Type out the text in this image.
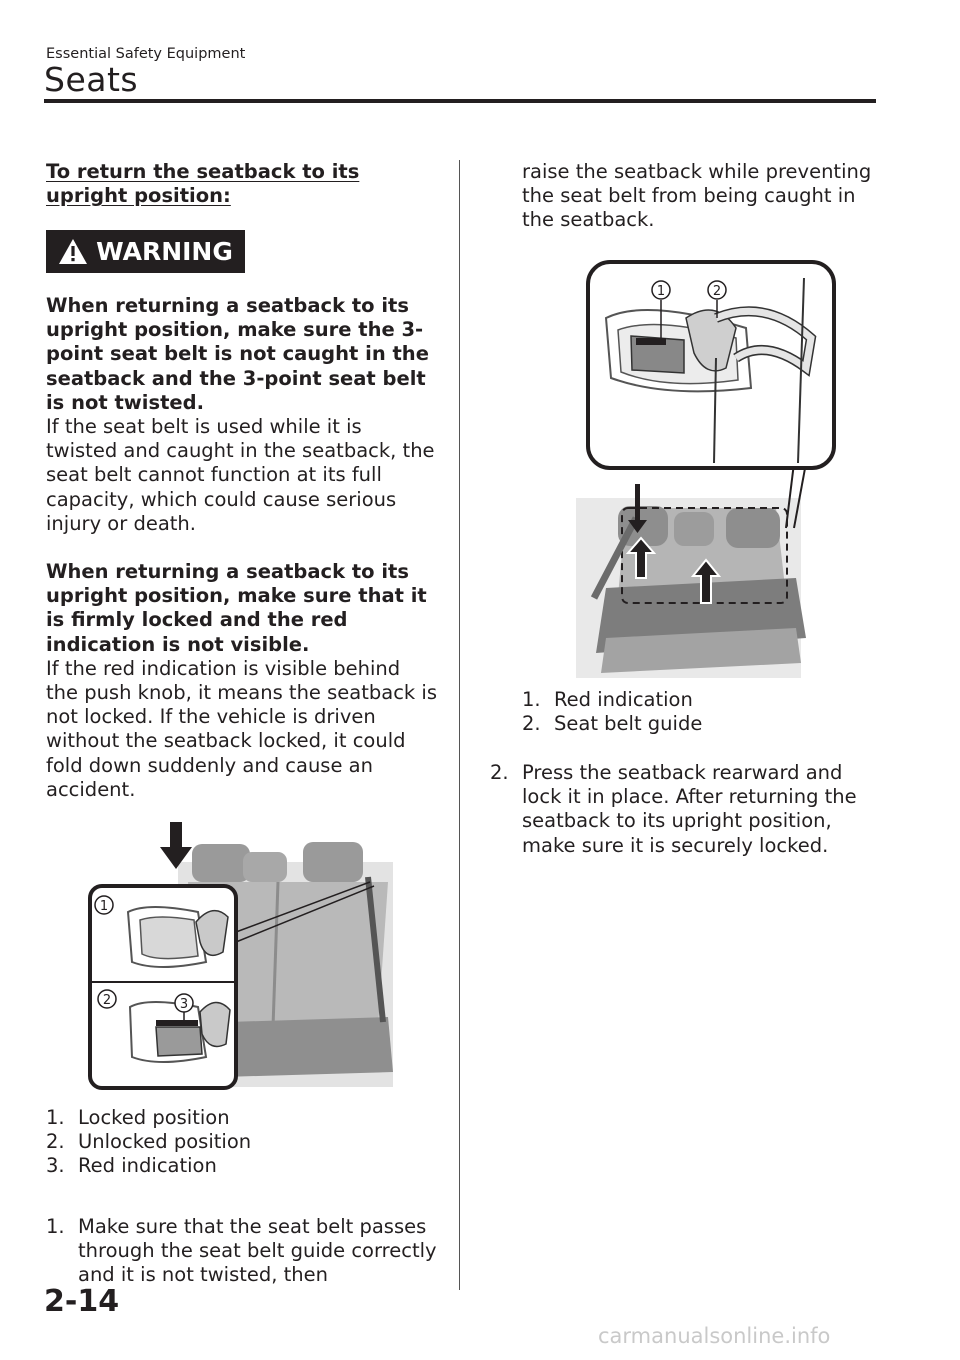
Essential Safety Equipment
Seats
To return the seatback to its upright position:
WARNING
When returning a seatback to its upright position, make sure the 3-point seat belt is not caught in the seatback and the 3-point seat belt is not twisted.
If the seat belt is used while it is twisted and caught in the seatback, the seat belt cannot function at its full capacity, which could cause serious injury or death.
When returning a seatback to its upright position, make sure that it is firmly locked and the red indication is not visible.
If the red indication is visible behind the push knob, it means the seatback is not locked. If the vehicle is driven without the seatback locked, it could fold down suddenly and cause an accident.
1
2	3
1. Locked position
2. Unlocked position
3. Red indication
1. Make sure that the seat belt passes through the seat belt guide correctly and it is not twisted, then
raise the seatback while preventing the seat belt from being caught in the seatback.
1	2
1. Red indication
2. Seat belt guide
2. Press the seatback rearward and lock it in place. After returning the seatback to its upright position, make sure it is securely locked.
2-14
carmanualsonline.info
